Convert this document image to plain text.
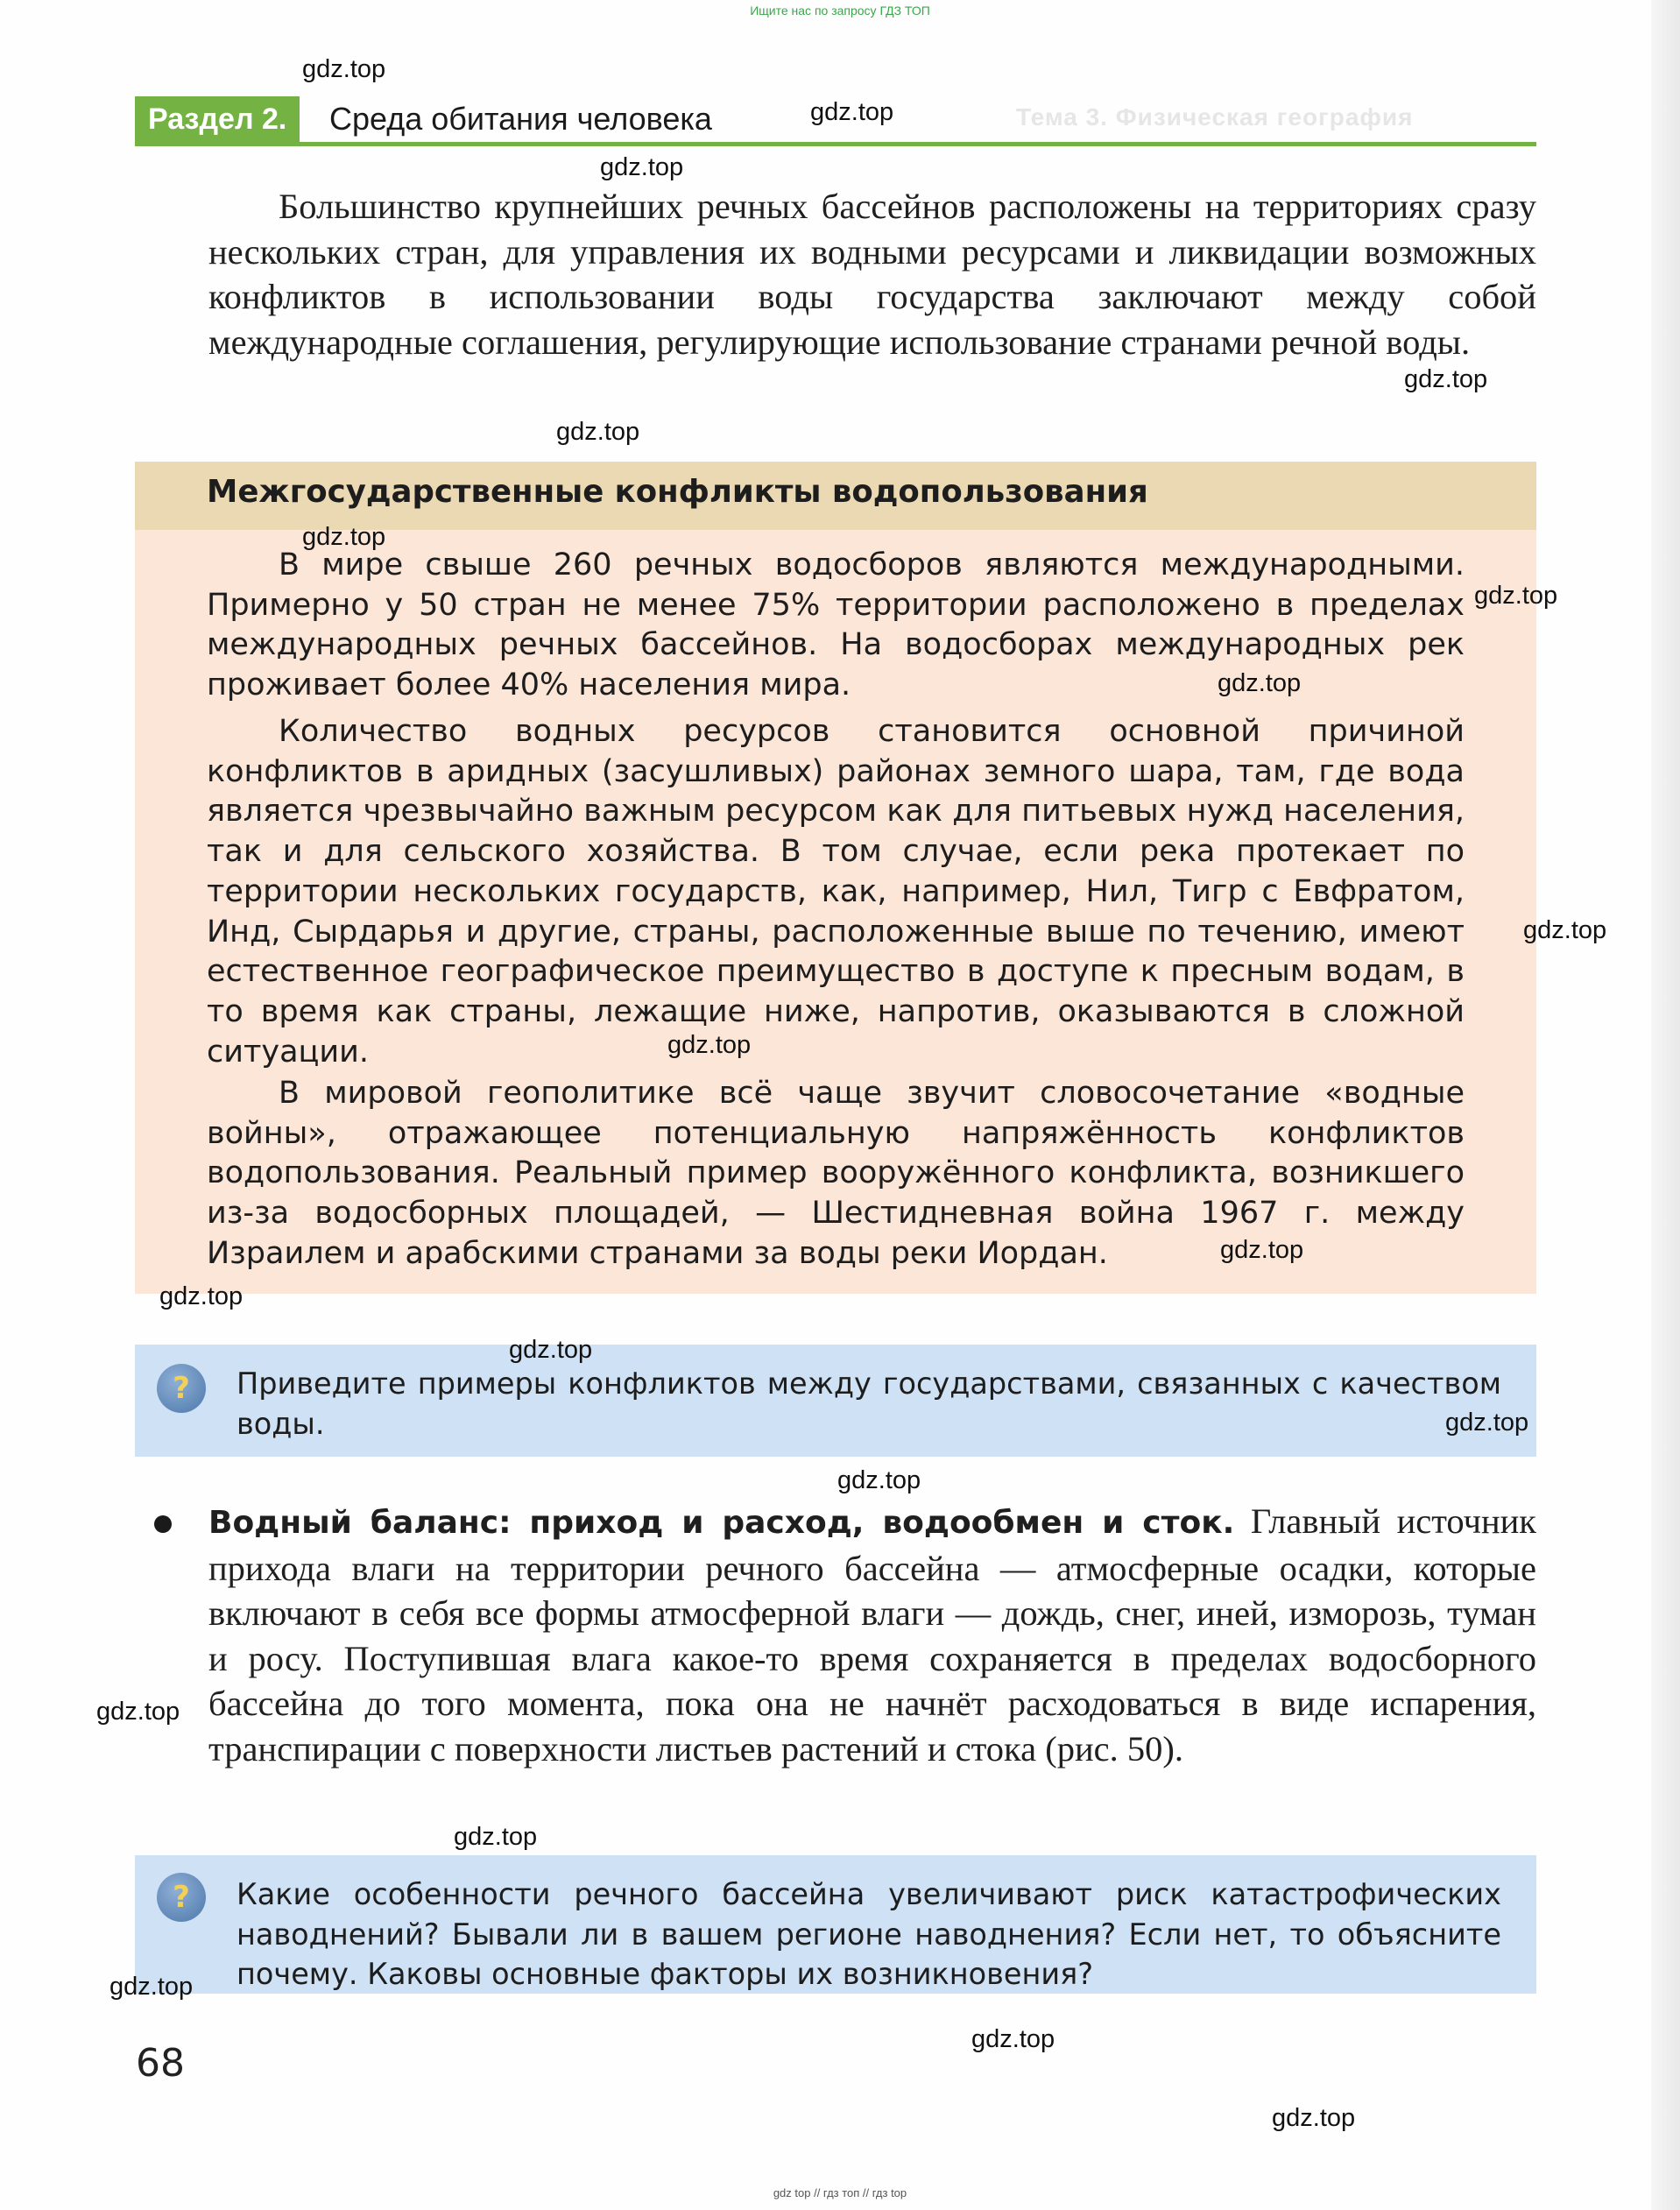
Ищите нас по запросу ГДЗ ТОП
Тема 3. Физическая география
Раздел 2.	Среда обитания человека

Большинство крупнейших речных бассейнов расположены на территориях сразу нескольких стран, для управления их водными ресурсами и ликвидации возможных конфликтов в использовании воды государства заключают между собой международные соглашения, регулирующие использование странами речной воды.

Межгосударственные конфликты водопользования

В мире свыше 260 речных водосборов являются международными. Примерно у 50 стран не менее 75% территории расположено в пределах международных речных бассейнов. На водосборах международных рек проживает более 40% населения мира.

Количество водных ресурсов становится основной причиной конфликтов в аридных (засушливых) районах земного шара, там, где вода является чрезвычайно важным ресурсом как для питьевых нужд населения, так и для сельского хозяйства. В том случае, если река протекает по территории нескольких государств, как, например, Нил, Тигр с Евфратом, Инд, Сырдарья и другие, страны, расположенные выше по течению, имеют естественное географическое преимущество в доступе к пресным водам, в то время как страны, лежащие ниже, напротив, оказываются в сложной ситуации.

В мировой геополитике всё чаще звучит словосочетание «водные войны», отражающее потенциальную напряжённость конфликтов водопользования. Реальный пример вооружённого конфликта, возникшего из-за водосборных площадей, — Шестидневная война 1967 г. между Израилем и арабскими странами за воды реки Иордан.

?

Приведите примеры конфликтов между государствами, связанных с качеством воды.

Водный баланс: приход и расход, водообмен и сток. Главный источник прихода влаги на территории речного бассейна — атмосферные осадки, которые включают в себя все формы атмосферной влаги — дождь, снег, иней, изморозь, туман и росу. Поступившая влага какое-то время сохраняется в пределах водосборного бассейна до того момента, пока она не начнёт расходоваться в виде испарения, транспирации с поверхности листьев растений и стока (рис. 50).

?

Какие особенности речного бассейна увеличивают риск катастрофических наводнений? Бывали ли в вашем регионе наводнения? Если нет, то объясните почему. Каковы основные факторы их возникновения?

68
gdz.top
gdz.top
gdz.top
gdz.top
gdz.top
gdz.top
gdz.top
gdz.top
gdz.top
gdz.top
gdz.top
gdz.top
gdz.top
gdz.top
gdz.top
gdz.top
gdz.top
gdz.top
gdz.top
gdz.top
gdz top // гдз топ // гдз top
